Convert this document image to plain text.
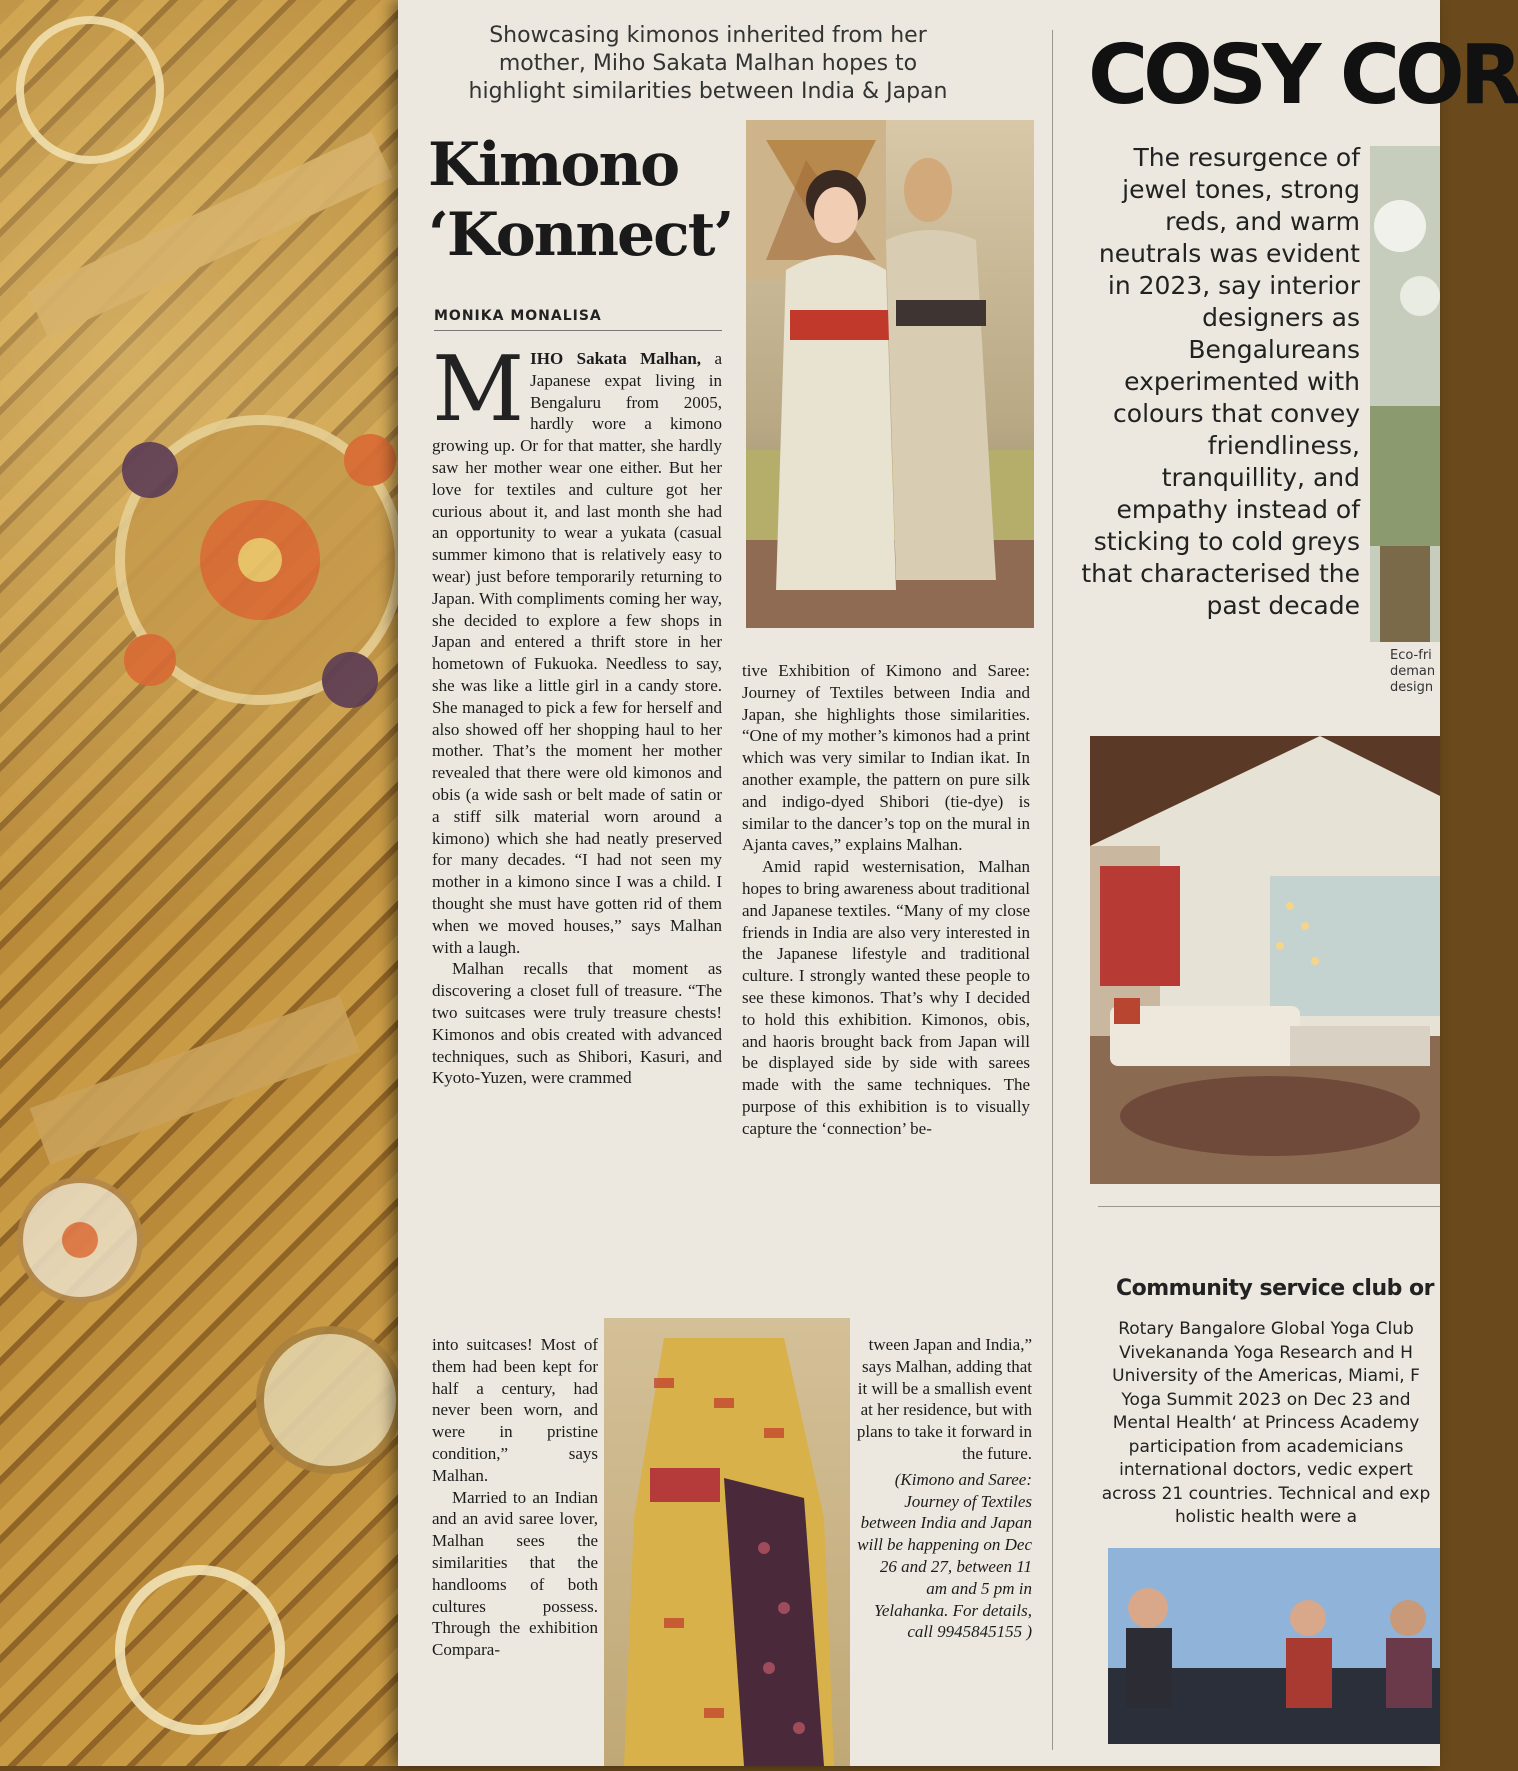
Showcasing kimonos inherited from her
mother, Miho Sakata Malhan hopes to
highlight similarities between India & Japan
Kimono
‘Konnect’
MONIKA MONALISA

MIHO Sakata Malhan, a Japanese expat living in Bengaluru from 2005, hardly wore a kimono growing up. Or for that matter, she hardly saw her mother wear one either. But her love for textiles and culture got her curious about it, and last month she had an opportunity to wear a yukata (casual summer kimono that is relatively easy to wear) just before temporarily returning to Japan. With compliments coming her way, she decided to explore a few shops in Japan and entered a thrift store in her hometown of Fukuoka. Needless to say, she was like a little girl in a candy store. She managed to pick a few for herself and also showed off her shopping haul to her mother. That’s the moment her mother revealed that there were old kimonos and obis (a wide sash or belt made of satin or a stiff silk material worn around a kimono) which she had neatly preserved for many decades. “I had not seen my mother in a kimono since I was a child. I thought she must have gotten rid of them when we moved houses,” says Malhan with a laugh.

Malhan recalls that moment as discovering a closet full of treasure. “The two suitcases were truly treasure chests! Kimonos and obis created with advanced techniques, such as Shibori, Kasuri, and Kyoto-Yuzen, were crammed

into suitcases! Most of them had been kept for half a century, had never been worn, and were in pristine condition,” says Malhan.

Married to an Indian and an avid saree lover, Malhan sees the similarities that the handlooms of both cultures possess. Through the exhibition Compara-

tive Exhibition of Kimono and Saree: Journey of Textiles between India and Japan, she highlights those similarities. “One of my mother’s kimonos had a print which was very similar to Indian ikat. In another example, the pattern on pure silk and indigo-dyed Shibori (tie-dye) is similar to the dancer’s top on the mural in Ajanta caves,” explains Malhan.

Amid rapid westernisation, Malhan hopes to bring awareness about traditional and Japanese textiles. “Many of my close friends in India are also very interested in the Japanese lifestyle and traditional culture. I strongly wanted these people to see these kimonos. That’s why I decided to hold this exhibition. Kimonos, obis, and haoris brought back from Japan will be displayed side by side with sarees made with the same techniques. The purpose of this exhibition is to visually capture the ‘connection’ be-

tween Japan and India,” says Malhan, adding that it will be a smallish event at her residence, but with plans to take it forward in the future.

(Kimono and Saree: Journey of Textiles between India and Japan will be happening on Dec 26 and 27, between 11 am and 5 pm in Yelahanka. For details, call 9945845155 )

COSY COR
The resurgence of jewel tones, strong reds, and warm neutrals was evident in 2023, say interior designers as Bengalureans experimented with colours that convey friendliness, tranquillity, and empathy instead of sticking to cold greys that characterised the past decade
Eco-fri
deman
design
Community service club or
Rotary Bangalore Global Yoga Club
Vivekananda Yoga Research and H
University of the Americas, Miami, F
Yoga Summit 2023 on Dec 23 and
Mental Health‘ at Princess Academy
participation from academicians
international doctors, vedic expert
across 21 countries. Technical and exp
holistic health were a
